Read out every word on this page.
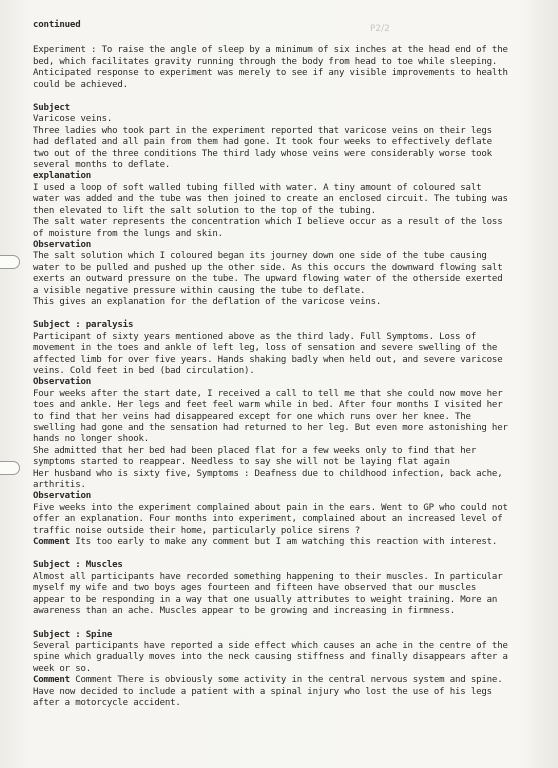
P2/2
continued

Experiment : To raise the angle of sleep by a minimum of six inches at the head end of the bed, which facilitates gravity running through the body from head to toe while sleeping.

Anticipated response to experiment was merely to see if any visible improvements to health could be achieved.

Subject
Varicose veins.

Three ladies who took part in the experiment reported that varicose veins on their legs had deflated and all pain from them had gone. It took four weeks to effectively deflate two out of the three conditions The third lady whose veins were considerably worse took several months to deflate.

explanation

I used a loop of soft walled tubing filled with water. A tiny amount of coloured salt water was added and the tube was then joined to create an enclosed circuit. The tubing was then elevated to lift the salt solution to the top of the tubing.

The salt water represents the concentration which I believe occur as a result of the loss of moisture from the lungs and skin.

Observation

The salt solution which I coloured began its journey down one side of the tube causing water to be pulled and pushed up the other side. As this occurs the downward flowing salt exerts an outward pressure on the tube. The upward flowing water of the otherside exerted a visible negative pressure within causing the tube to deflate.

This gives an explanation for the deflation of the varicose veins.

Subject : paralysis

Participant of sixty years mentioned above as the third lady. Full Symptoms. Loss of movement in the toes and ankle of left leg, loss of sensation and severe swelling of the affected limb for over five years. Hands shaking badly when held out, and severe varicose veins. Cold feet in bed (bad circulation).

Observation

Four weeks after the start date, I received a call to tell me that she could now move her toes and ankle. Her legs and feet feel warm while in bed. After four months I visited her to find that her veins had disappeared except for one which runs over her knee. The swelling had gone and the sensation had returned to her leg. But even more astonishing her hands no longer shook.

She admitted that her bed had been placed flat for a few weeks only to find that her symptoms started to reappear. Needless to say she will not be laying flat again

Her husband who is sixty five, Symptoms : Deafness due to childhood infection, back ache, arthritis.

Observation

Five weeks into the experiment complained about pain in the ears. Went to GP who could not offer an explanation. Four months into experiment, complained about an increased level of traffic noise outside their home, particularly police sirens ?

Comment Its too early to make any comment but I am watching this reaction with interest.

Subject : Muscles

Almost all participants have recorded something happening to their muscles. In particular myself my wife and two boys ages fourteen and fifteen have observed that our muscles appear to be responding in a way that one usually attributes to weight training. More an awareness than an ache. Muscles appear to be growing and increasing in firmness.

Subject : Spine

Several participants have reported a side effect which causes an ache in the centre of the spine which gradually moves into the neck causing stiffness and finally disappears after a week or so.

Comment Comment There is obviously some activity in the central nervous system and spine. Have now decided to include a patient with a spinal injury who lost the use of his legs after a motorcycle accident.
